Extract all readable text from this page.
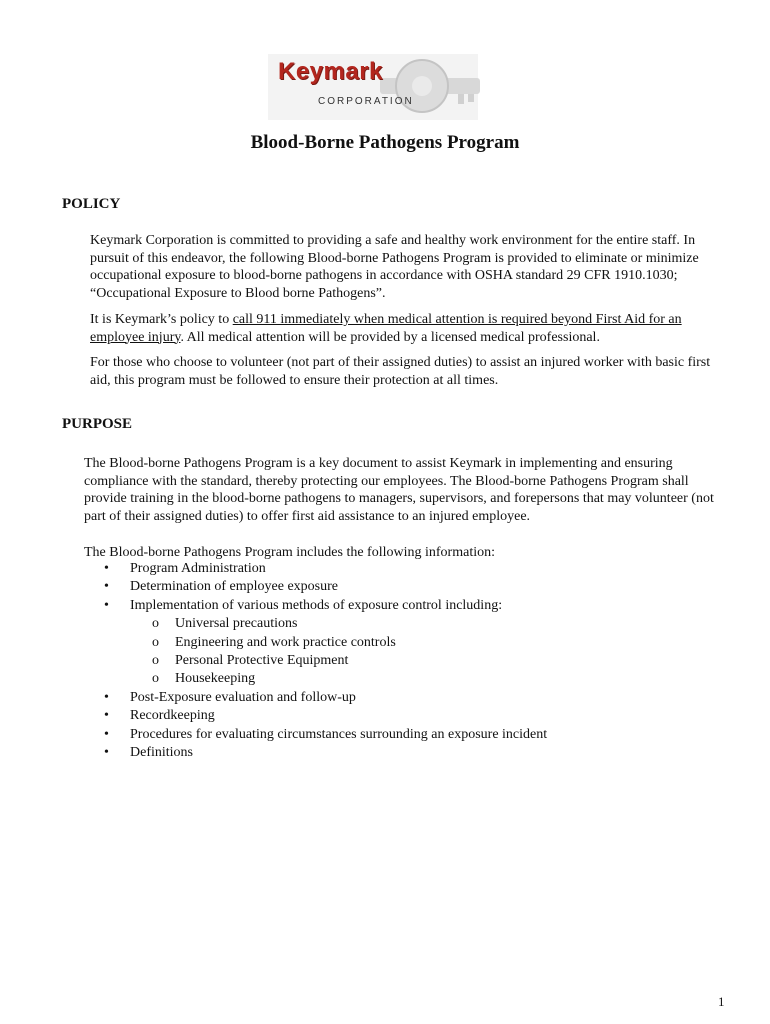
Keymark
CORPORATION
Blood-Borne Pathogens Program
POLICY

Keymark Corporation is committed to providing a safe and healthy work environment for the entire staff. In pursuit of this endeavor, the following Blood-borne Pathogens Program is provided to eliminate or minimize occupational exposure to blood-borne pathogens in accordance with OSHA standard 29 CFR 1910.1030; “Occupational Exposure to Blood borne Pathogens”.

It is Keymark’s policy to call 911 immediately when medical attention is required beyond First Aid for an employee injury. All medical attention will be provided by a licensed medical professional.

For those who choose to volunteer (not part of their assigned duties) to assist an injured worker with basic first aid, this program must be followed to ensure their protection at all times.

PURPOSE

The Blood-borne Pathogens Program is a key document to assist Keymark in implementing and ensuring compliance with the standard, thereby protecting our employees. The Blood-borne Pathogens Program shall provide training in the blood-borne pathogens to managers, supervisors, and forepersons that may volunteer (not part of their assigned duties) to offer first aid assistance to an injured employee.

The Blood-borne Pathogens Program includes the following information:

• Program Administration
• Determination of employee exposure
• Implementation of various methods of exposure control including:
o Universal precautions
o Engineering and work practice controls
o Personal Protective Equipment
o Housekeeping
• Post-Exposure evaluation and follow-up
• Recordkeeping
• Procedures for evaluating circumstances surrounding an exposure incident
• Definitions
1
